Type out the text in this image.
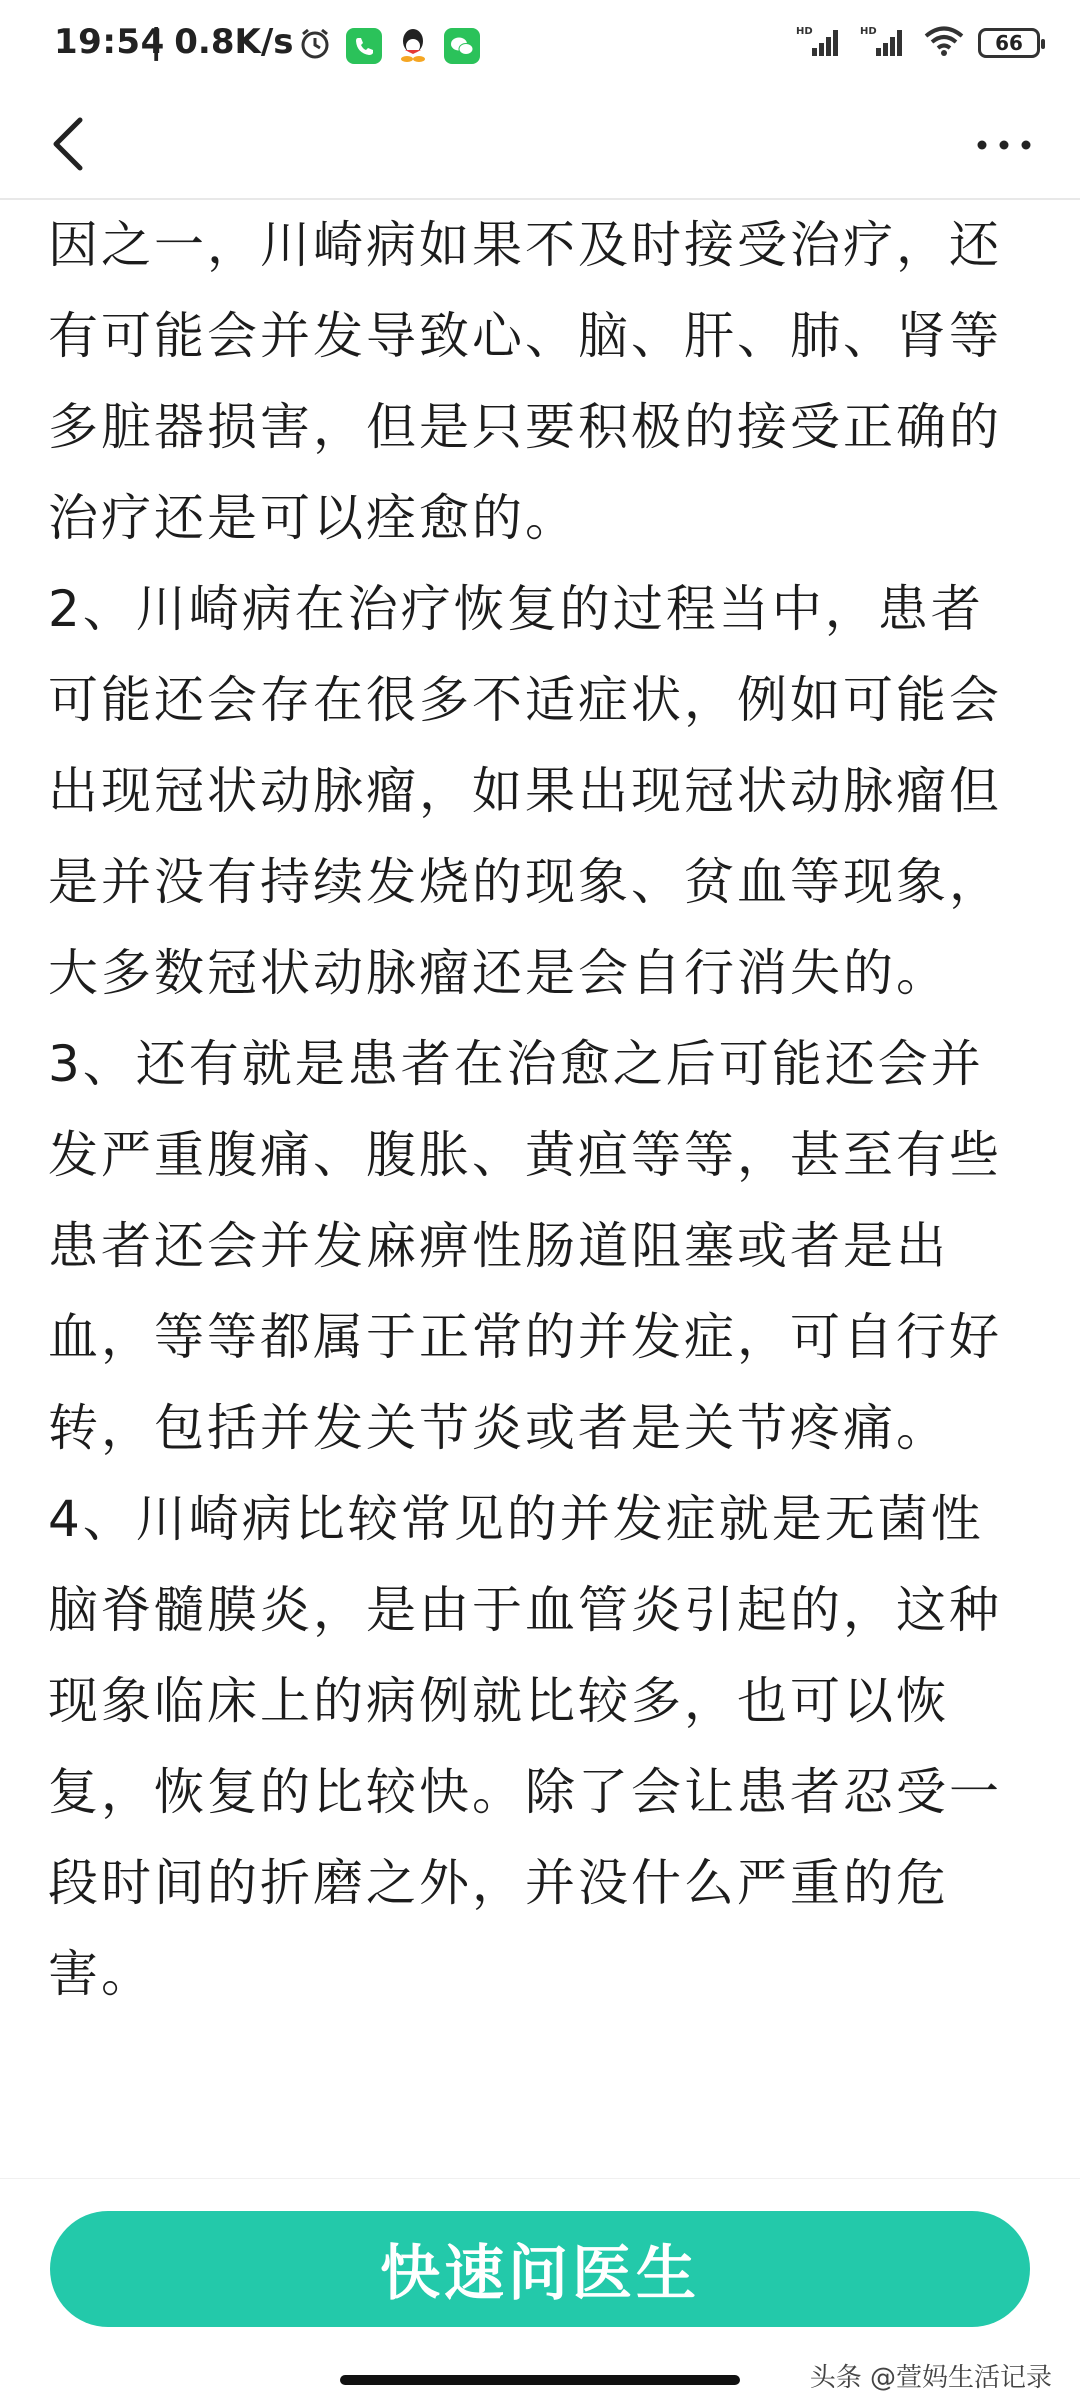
19:54
| 0.8K/s	HD	HD	66

因之一，川崎病如果不及时接受治疗，还有可能会并发导致心、脑、肝、肺、肾等多脏器损害，但是只要积极的接受正确的治疗还是可以痊愈的。

2、川崎病在治疗恢复的过程当中，患者可能还会存在很多不适症状，例如可能会出现冠状动脉瘤，如果出现冠状动脉瘤但是并没有持续发烧的现象、贫血等现象，大多数冠状动脉瘤还是会自行消失的。

3、还有就是患者在治愈之后可能还会并发严重腹痛、腹胀、黄疸等等，甚至有些患者还会并发麻痹性肠道阻塞或者是出血，等等都属于正常的并发症，可自行好转，包括并发关节炎或者是关节疼痛。

4、川崎病比较常见的并发症就是无菌性脑脊髓膜炎，是由于血管炎引起的，这种现象临床上的病例就比较多，也可以恢复，恢复的比较快。除了会让患者忍受一段时间的折磨之外，并没什么严重的危害。

快速问医生
头条 @萱妈生活记录
